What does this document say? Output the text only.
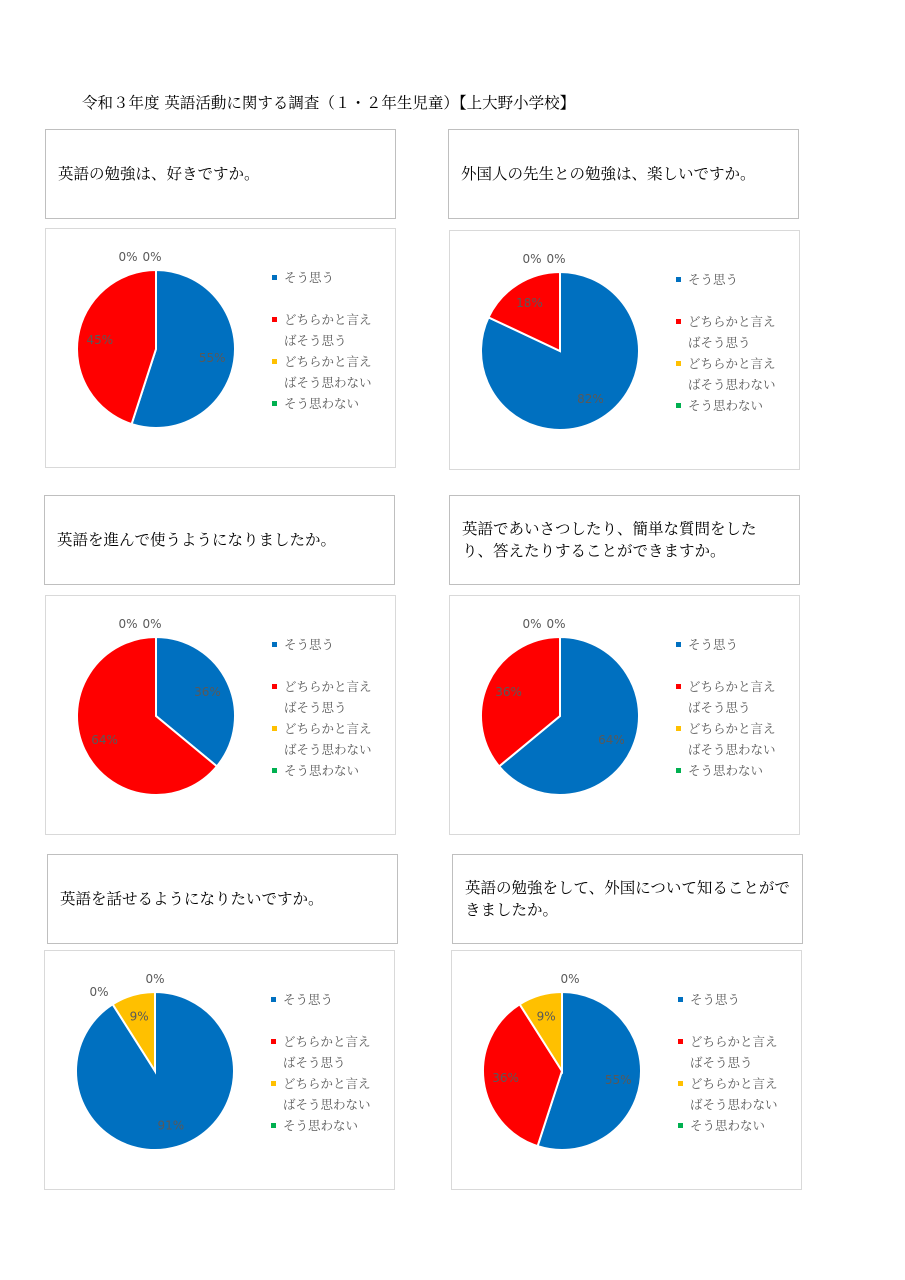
令和３年度 英語活動に関する調査（１・２年生児童）【上大野小学校】
英語の勉強は、好きですか。	外国人の先生との勉強は、楽しいですか。
55%
45%
0% 0%
そう思う
どちらかと言え
ばそう思う
どちらかと言え
ばそう思わない
そう思わない	82%
18%
0% 0%
そう思う
どちらかと言え
ばそう思う
どちらかと言え
ばそう思わない
そう思わない
英語を進んで使うようになりましたか。
英語であいさつしたり、簡単な質問をしたり、答えたりすることができますか。
36%
64%
0% 0%
そう思う
どちらかと言え
ばそう思う
どちらかと言え
ばそう思わない
そう思わない
64%
36%
0% 0%
そう思う
どちらかと言え
ばそう思う
どちらかと言え
ばそう思わない
そう思わない
英語を話せるようになりたいですか。
英語の勉強をして、外国について知ることができましたか。
91%
9%
0%
0%
そう思う
どちらかと言え
ばそう思う
どちらかと言え
ばそう思わない
そう思わない
55%
36%
9%
0%
そう思う
どちらかと言え
ばそう思う
どちらかと言え
ばそう思わない
そう思わない
